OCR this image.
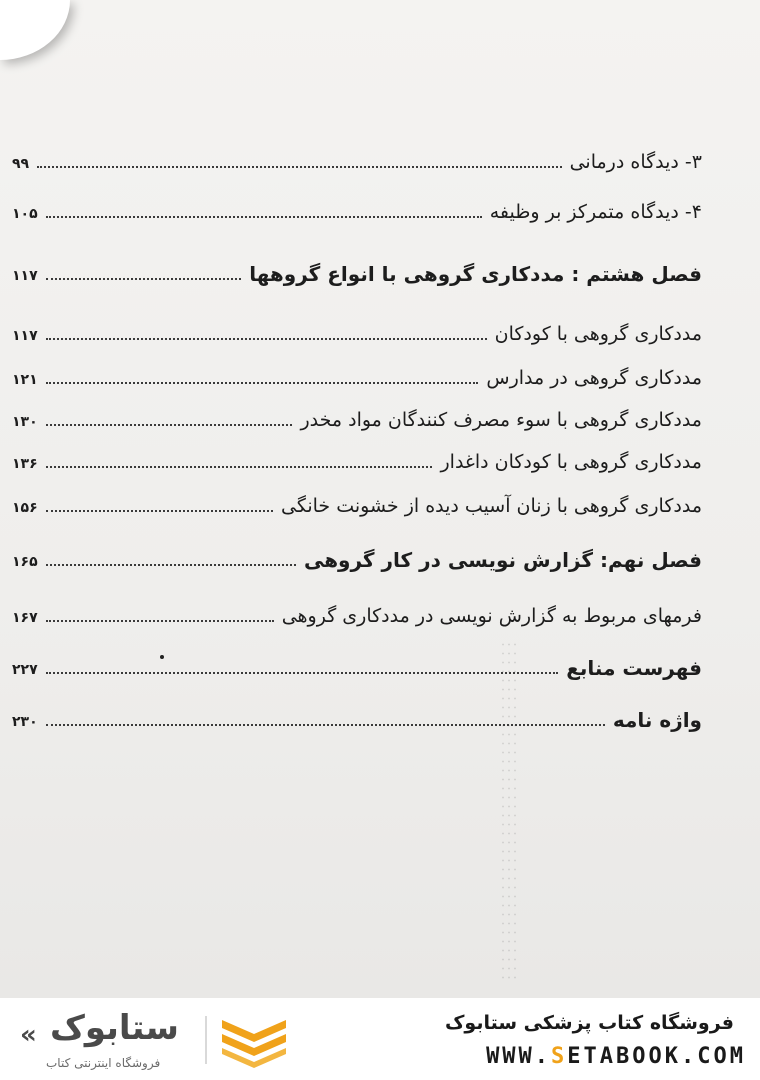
۳- دیدگاه درمانی
۹۹
۴- دیدگاه متمرکز بر وظیفه
۱۰۵
فصل هشتم : مددکاری گروهی با انواع گروهها
۱۱۷
مددکاری گروهی با کودکان
۱۱۷
مددکاری گروهی در مدارس
۱۲۱
مددکاری گروهی با سوء مصرف کنندگان مواد مخدر
۱۳۰
مددکاری گروهی با کودکان داغدار
۱۳۶
مددکاری گروهی با زنان آسیب دیده از خشونت خانگی
۱۵۶
فصل نهم: گزارش نویسی در کار گروهی
۱۶۵
فرمهای مربوط به گزارش نویسی در مددکاری گروهی
۱۶۷
فهرست منابع
۲۲۷
واژه نامه
۲۳۰
« ستابوک
فروشگاه اینترنتی کتاب
فروشگاه کتاب پزشکی ستابوک
WWW.SETABOOK.COM
